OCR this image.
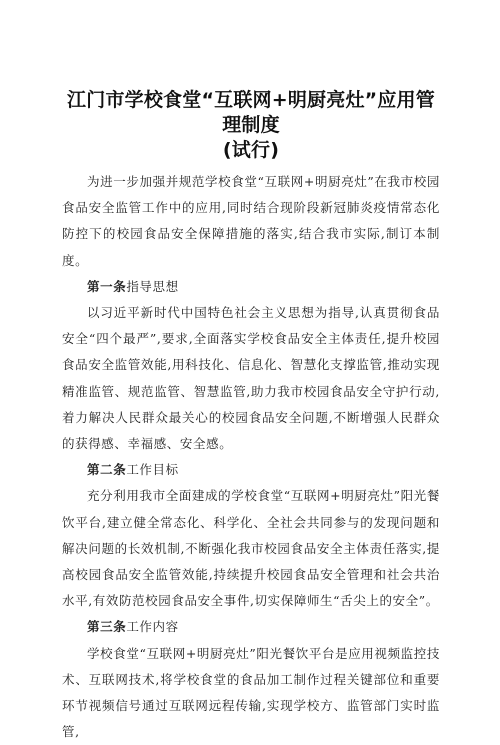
江门市学校食堂“互联网+明厨亮灶”应用管理制度
(试行)

为进一步加强并规范学校食堂“互联网+明厨亮灶”在我市校园食品安全监管工作中的应用,同时结合现阶段新冠肺炎疫情常态化防控下的校园食品安全保障措施的落实,结合我市实际,制订本制度。

第一条指导思想

以习近平新时代中国特色社会主义思想为指导,认真贯彻食品安全“四个最严”,要求,全面落实学校食品安全主体责任,提升校园食品安全监管效能,用科技化、信息化、智慧化支撑监管,推动实现精准监管、规范监管、智慧监管,助力我市校园食品安全守护行动,着力解决人民群众最关心的校园食品安全问题,不断增强人民群众的获得感、幸福感、安全感。

第二条工作目标

充分利用我市全面建成的学校食堂“互联网+明厨亮灶”阳光餐饮平台,建立健全常态化、科学化、全社会共同参与的发现问题和解决问题的长效机制,不断强化我市校园食品安全主体责任落实,提高校园食品安全监管效能,持续提升校园食品安全管理和社会共治水平,有效防范校园食品安全事件,切实保障师生“舌尖上的安全”。

第三条工作内容

学校食堂“互联网+明厨亮灶”阳光餐饮平台是应用视频监控技术、互联网技术,将学校食堂的食品加工制作过程关键部位和重要环节视频信号通过互联网远程传输,实现学校方、监管部门实时监管,
